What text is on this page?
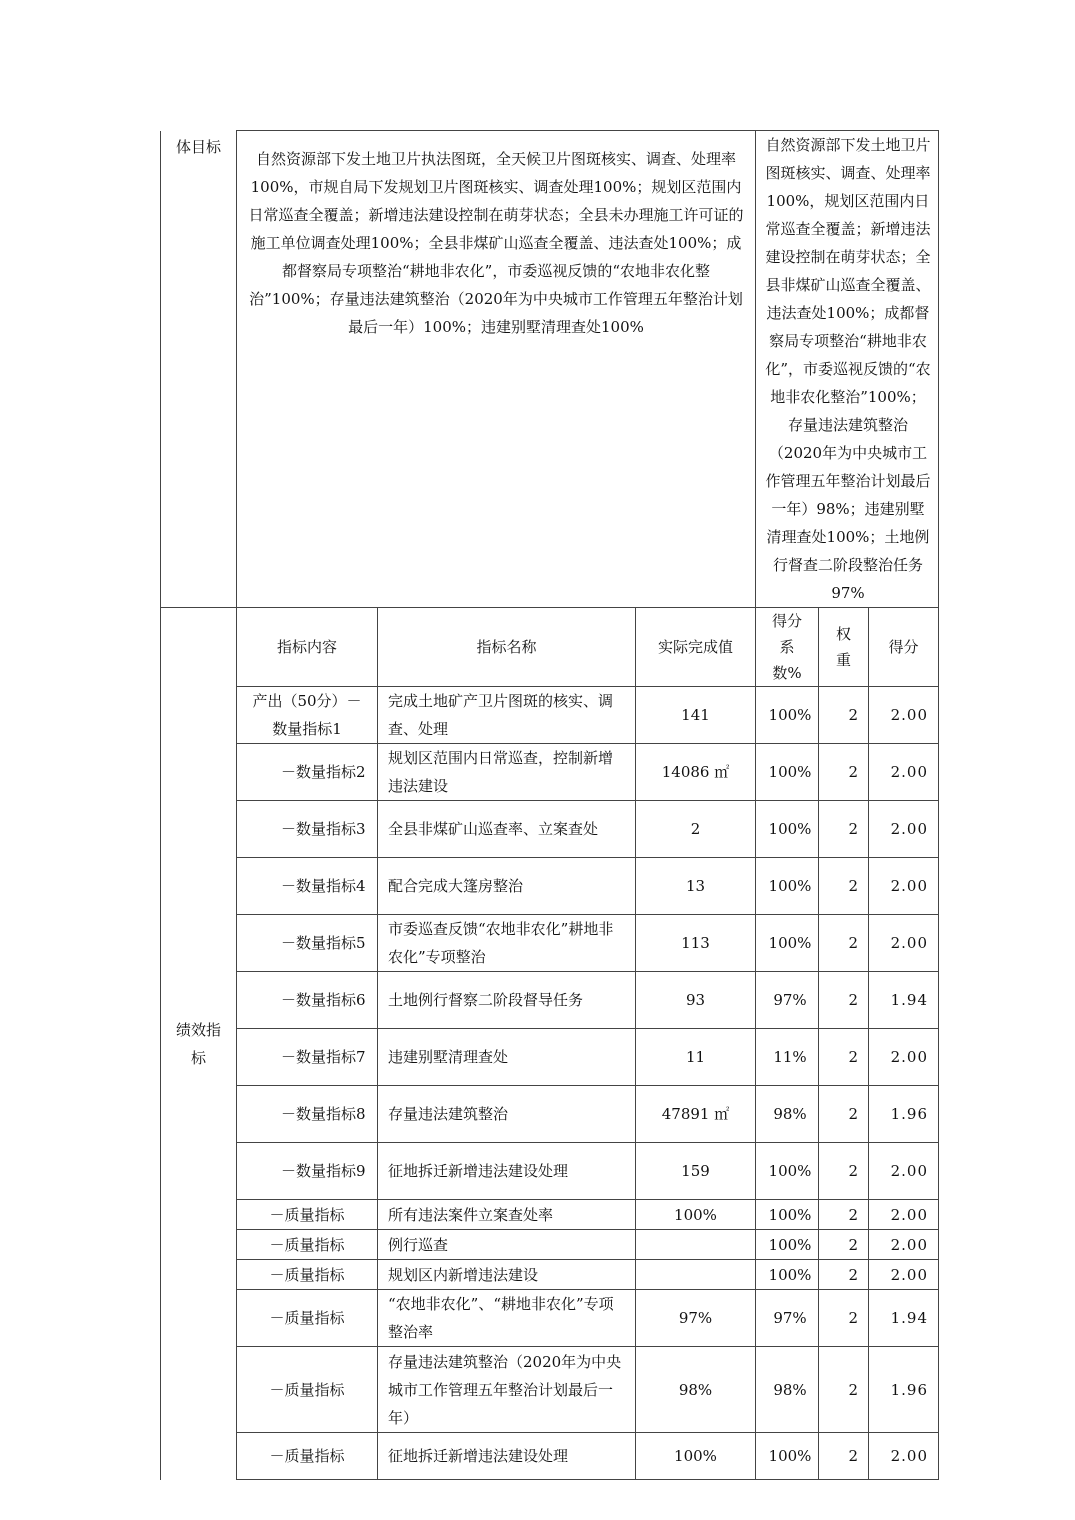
体目标	自然资源部下发土地卫片执法图斑，全天候卫片图斑核实、调查、处理率100%，市规自局下发规划卫片图斑核实、调查处理100%；规划区范围内日常巡查全覆盖；新增违法建设控制在萌芽状态；全县未办理施工许可证的施工单位调查处理100%；全县非煤矿山巡查全覆盖、违法查处100%；成都督察局专项整治“耕地非农化”，市委巡视反馈的“农地非农化整治”100%；存量违法建筑整治（2020年为中央城市工作管理五年整治计划最后一年）100%；违建别墅清理查处100%			自然资源部下发土地卫片图斑核实、调查、处理率100%，规划区范围内日常巡查全覆盖；新增违法建设控制在萌芽状态；全县非煤矿山巡查全覆盖、违法查处100%；成都督察局专项整治“耕地非农化”，市委巡视反馈的“农地非农化整治”100%；存量违法建筑整治（2020年为中央城市工作管理五年整治计划最后一年）98%；违建别墅清理查处100%；土地例行督查二阶段整治任务97%		

绩效指标	指标内容	指标名称	实际完成值	得分系数%	权重	得分

	产出（50分）－数量指标1	完成土地矿产卫片图斑的核实、调查、处理	141	100%	2	2.00

	－数量指标2	规划区范围内日常巡查，控制新增违法建设	14086 ㎡	100%	2	2.00

	－数量指标3	全县非煤矿山巡查率、立案查处	2	100%	2	2.00

	－数量指标4	配合完成大篷房整治	13	100%	2	2.00

	－数量指标5	市委巡查反馈“农地非农化”耕地非农化”专项整治	113	100%	2	2.00

	－数量指标6	土地例行督察二阶段督导任务	93	97%	2	1.94

	－数量指标7	违建别墅清理查处	11	11%	2	2.00

	－数量指标8	存量违法建筑整治	47891 ㎡	98%	2	1.96

	－数量指标9	征地拆迁新增违法建设处理	159	100%	2	2.00
	－质量指标	所有违法案件立案查处率	100%	100%	2	2.00
	－质量指标	例行巡查		100%	2	2.00
	－质量指标	规划区内新增违法建设		100%	2	2.00
	－质量指标	“农地非农化”、“耕地非农化”专项整治率	97%	97%	2	1.94
	－质量指标	存量违法建筑整治（2020年为中央城市工作管理五年整治计划最后一年）	98%	98%	2	1.96
	－质量指标	征地拆迁新增违法建设处理	100%	100%	2	2.00
